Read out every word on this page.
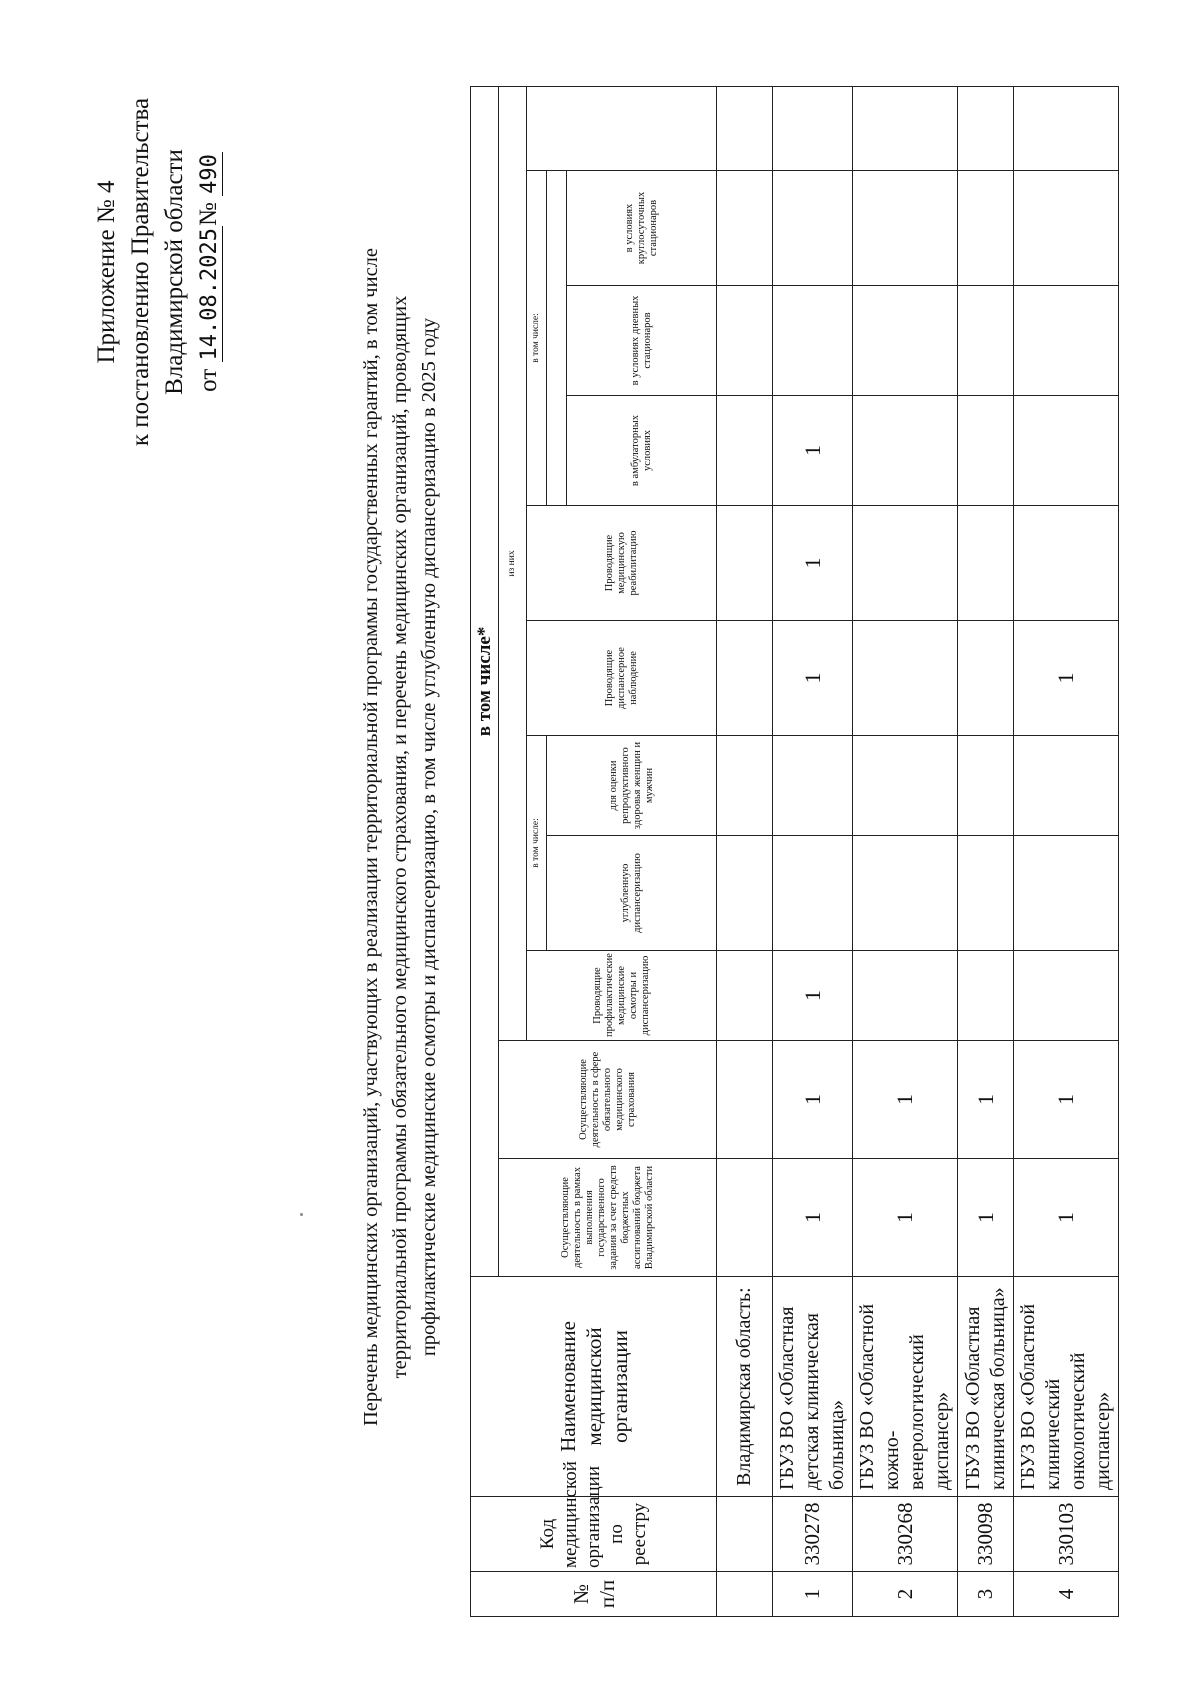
Приложение № 4 к постановлению Правительства Владимирской области от 14.08.2025№ 490
Перечень медицинских организаций, участвующих в реализации территориальной программы государственных гарантий, в том числе территориальной программы обязательного медицинского страхования, и перечень медицинских организаций, проводящих профилактические медицинские осмотры и диспансеризацию, в том числе углубленную диспансеризацию в 2025 году
№ п/п	Код медицинской организации по реестру	Наименование медицинской организации	в том числе*										
			Осуществляющие деятельность в рамках выполнения государственного задания за счет средств бюджетных ассигнований бюджета Владимирской области	Осуществляющие деятельность в сфере обязательного медицинского страхования	из них								
					Проводящие профилактические медицинские осмотры и диспансеризацию	в том числе:		Проводящие диспансерное наблюдение	Проводящие медицинскую реабилитацию	в том числе:			
						углубленную диспансеризацию	для оценки репродуктивного здоровья женщин и мужчин						
										в амбулаторных условиях	в условиях дневных стационаров	в условиях круглосуточных стационаров	
		Владимирская область:											
1	330278	ГБУЗ ВО «Областная детская клиническая больница»	1	1	1			1	1	1			
2	330268	ГБУЗ ВО «Областной кожно-венерологический диспансер»	1	1									
3	330098	ГБУЗ ВО «Областная клиническая больница»	1	1									
4	330103	ГБУЗ ВО «Областной клинический онкологический диспансер»	1	1				1					
